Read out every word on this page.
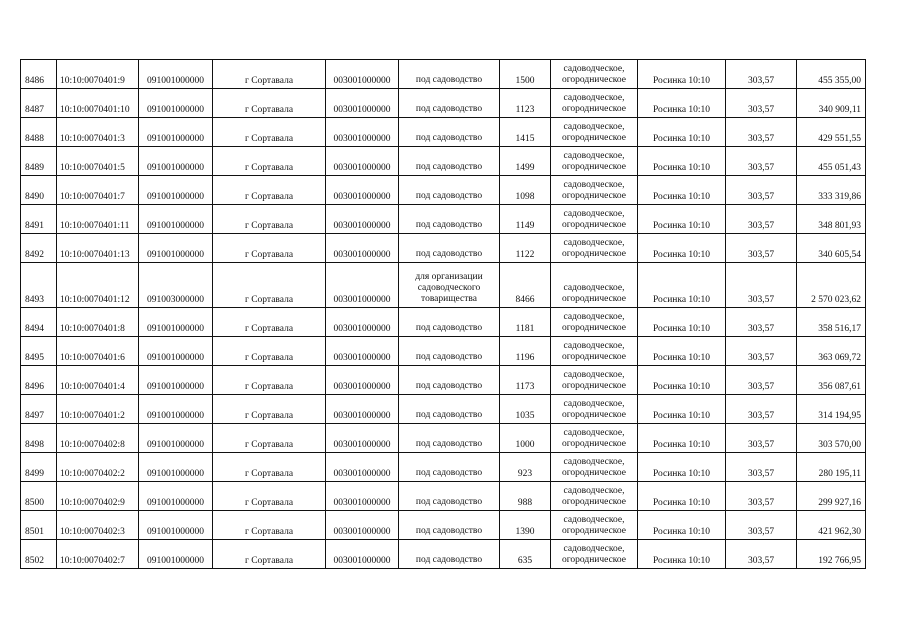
8486	10:10:0070401:9	091001000000	г Сортавала	003001000000	под садоводство	1500	садоводческое,
огородническое	Росинка 10:10	303,57	455 355,00
8487	10:10:0070401:10	091001000000	г Сортавала	003001000000	под садоводство	1123	садоводческое,
огородническое	Росинка 10:10	303,57	340 909,11
8488	10:10:0070401:3	091001000000	г Сортавала	003001000000	под садоводство	1415	садоводческое,
огородническое	Росинка 10:10	303,57	429 551,55
8489	10:10:0070401:5	091001000000	г Сортавала	003001000000	под садоводство	1499	садоводческое,
огородническое	Росинка 10:10	303,57	455 051,43
8490	10:10:0070401:7	091001000000	г Сортавала	003001000000	под садоводство	1098	садоводческое,
огородническое	Росинка 10:10	303,57	333 319,86
8491	10:10:0070401:11	091001000000	г Сортавала	003001000000	под садоводство	1149	садоводческое,
огородническое	Росинка 10:10	303,57	348 801,93
8492	10:10:0070401:13	091001000000	г Сортавала	003001000000	под садоводство	1122	садоводческое,
огородническое	Росинка 10:10	303,57	340 605,54
8493	10:10:0070401:12	091003000000	г Сортавала	003001000000	для организации
садоводческого
товарищества	8466	садоводческое,
огородническое	Росинка 10:10	303,57	2 570 023,62
8494	10:10:0070401:8	091001000000	г Сортавала	003001000000	под садоводство	1181	садоводческое,
огородническое	Росинка 10:10	303,57	358 516,17
8495	10:10:0070401:6	091001000000	г Сортавала	003001000000	под садоводство	1196	садоводческое,
огородническое	Росинка 10:10	303,57	363 069,72
8496	10:10:0070401:4	091001000000	г Сортавала	003001000000	под садоводство	1173	садоводческое,
огородническое	Росинка 10:10	303,57	356 087,61
8497	10:10:0070401:2	091001000000	г Сортавала	003001000000	под садоводство	1035	садоводческое,
огородническое	Росинка 10:10	303,57	314 194,95
8498	10:10:0070402:8	091001000000	г Сортавала	003001000000	под садоводство	1000	садоводческое,
огородническое	Росинка 10:10	303,57	303 570,00
8499	10:10:0070402:2	091001000000	г Сортавала	003001000000	под садоводство	923	садоводческое,
огородническое	Росинка 10:10	303,57	280 195,11
8500	10:10:0070402:9	091001000000	г Сортавала	003001000000	под садоводство	988	садоводческое,
огородническое	Росинка 10:10	303,57	299 927,16
8501	10:10:0070402:3	091001000000	г Сортавала	003001000000	под садоводство	1390	садоводческое,
огородническое	Росинка 10:10	303,57	421 962,30
8502	10:10:0070402:7	091001000000	г Сортавала	003001000000	под садоводство	635	садоводческое,
огородническое	Росинка 10:10	303,57	192 766,95
